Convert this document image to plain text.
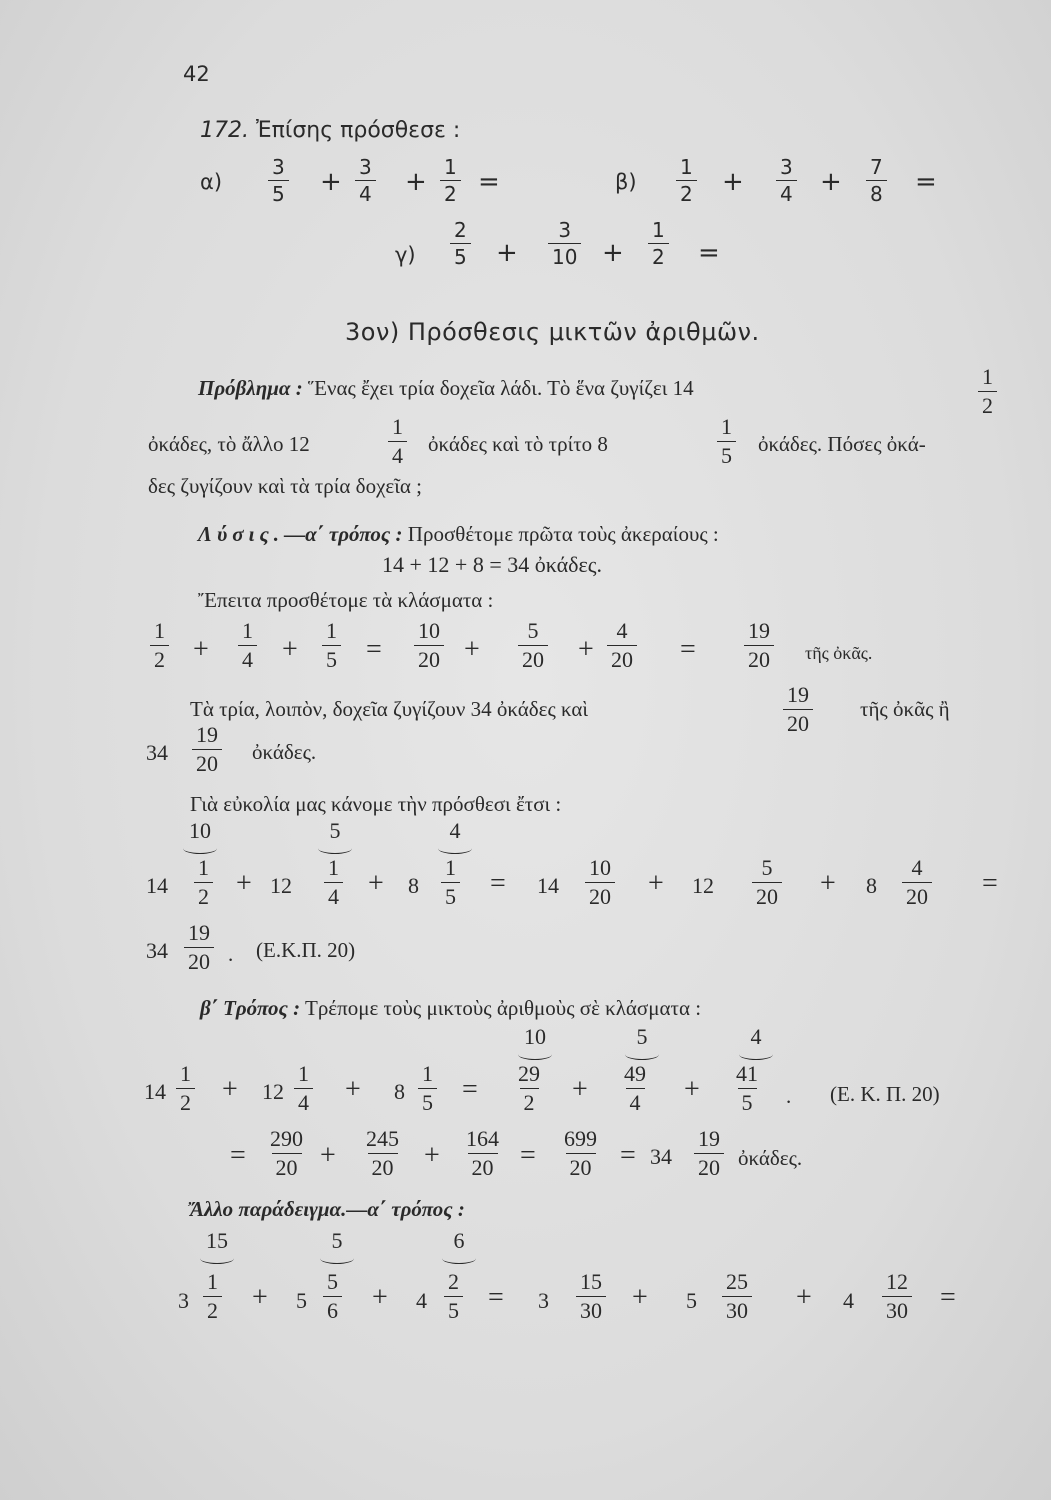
42
172. Ἐπίσης πρόσθεσε :
α)
3
5 + 3
4 + 1
2 =	β)
1
2 + 3
4 + 7
8 =
γ)
2
5 +
3
10 +
1
2 =
3ον) Πρόσθεσις μικτῶν ἀριθμῶν.
Πρόβλημα : Ἕνας ἔχει τρία δοχεῖα λάδι. Τὸ ἕνα ζυγίζει 14	1
2
ὀκάδες, τὸ ἄλλο 12
1
4 ὀκάδες καὶ τὸ τρίτο 8
1
5 ὀκάδες. Πόσες ὀκά-
δες ζυγίζουν καὶ τὰ τρία δοχεῖα ;
Λύσις.—α΄ τρόπος : Προσθέτομε πρῶτα τοὺς ἀκεραίους :
14 + 12 + 8 = 34 ὀκάδες.
Ἔπειτα προσθέτομε τὰ κλάσματα :
1
2 +
1
4 +
1
5 =
10
20 +
5
20 +
4
20 =
19
20 τῆς ὀκᾶς.
Τὰ τρία, λοιπὸν, δοχεῖα ζυγίζουν 34 ὀκάδες καὶ
19
20
τῆς ὀκᾶς ἢ
34
19
20 ὀκάδες.
Γιὰ εὐκολία μας κάνομε τὴν πρόσθεσι ἔτσι :
10	5	4
14
1
2 + 12
1
4 + 8
1
5 = 14
10
20 + 12
5
20 + 8
4
20 =
34
19
20 . (Ε.Κ.Π. 20)
β΄ Τρόπος : Τρέπομε τοὺς μικτοὺς ἀριθμοὺς σὲ κλάσματα :
10	5	4
14
1
2 + 12
1
4 + 8
1
5 =
29
2 +
49
4 +
41
5 . (Ε. Κ. Π. 20)
=
290
20 +
245
20 +
164
20 =
699
20 = 34
19
20 ὀκάδες.
Ἄλλο παράδειγμα.—α΄ τρόπος :
15	5	6
3
1
2 + 5
5
6 + 4
2
5 = 3
15
30 + 5
25
30 + 4
12
30 =
